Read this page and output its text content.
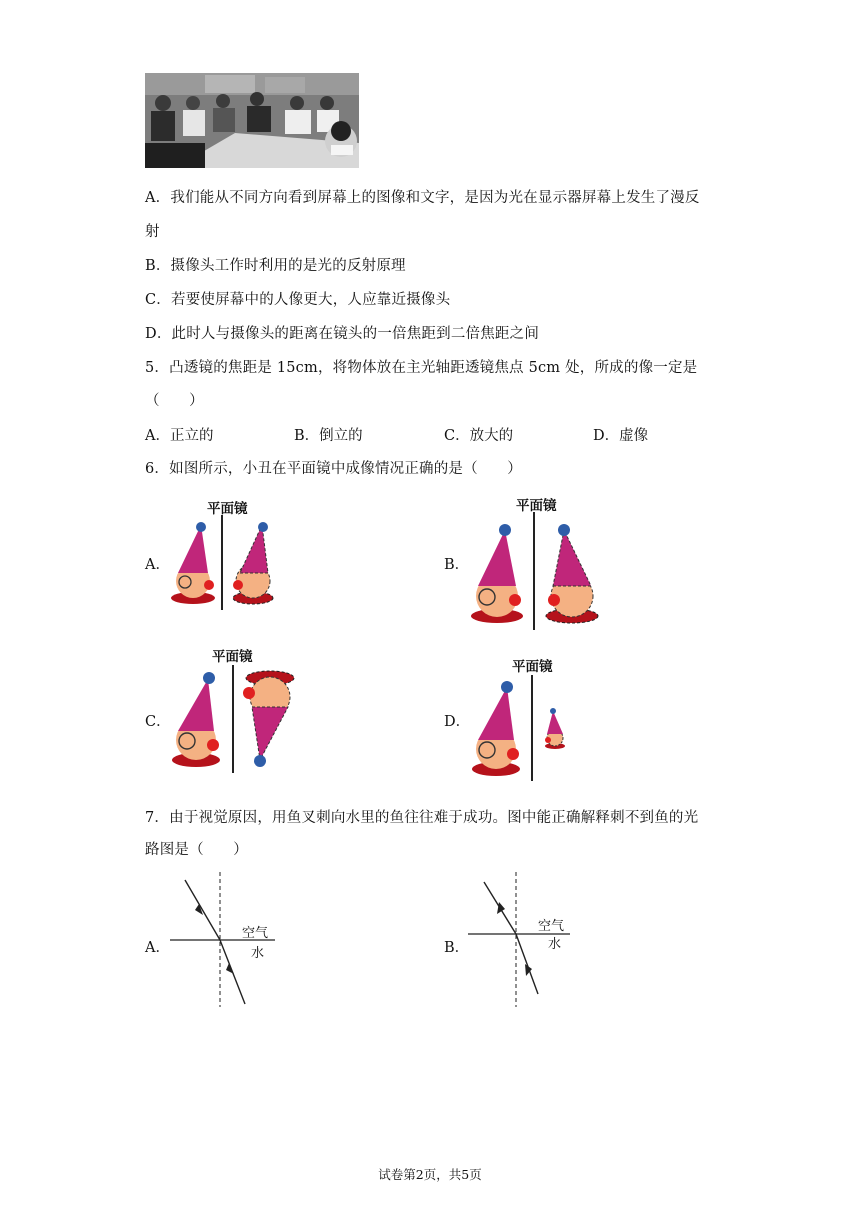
A．我们能从不同方向看到屏幕上的图像和文字，是因为光在显示器屏幕上发生了漫反
射
B．摄像头工作时利用的是光的反射原理
C．若要使屏幕中的人像更大，人应靠近摄像头
D．此时人与摄像头的距离在镜头的一倍焦距到二倍焦距之间
5．凸透镜的焦距是 15cm，将物体放在主光轴距透镜焦点 5cm 处，所成的像一定是
（　　）
A．正立的	B．倒立的	C．放大的	D．虚像
6．如图所示，小丑在平面镜中成像情况正确的是（　　）
A．	B．
C．	D．
平面镜	平面镜
平面镜
平面镜
7．由于视觉原因，用鱼叉刺向水里的鱼往往难于成功。图中能正确解释刺不到鱼的光
路图是（　　）
A．	B．
空气
水
空气
水
试卷第2页，共5页
